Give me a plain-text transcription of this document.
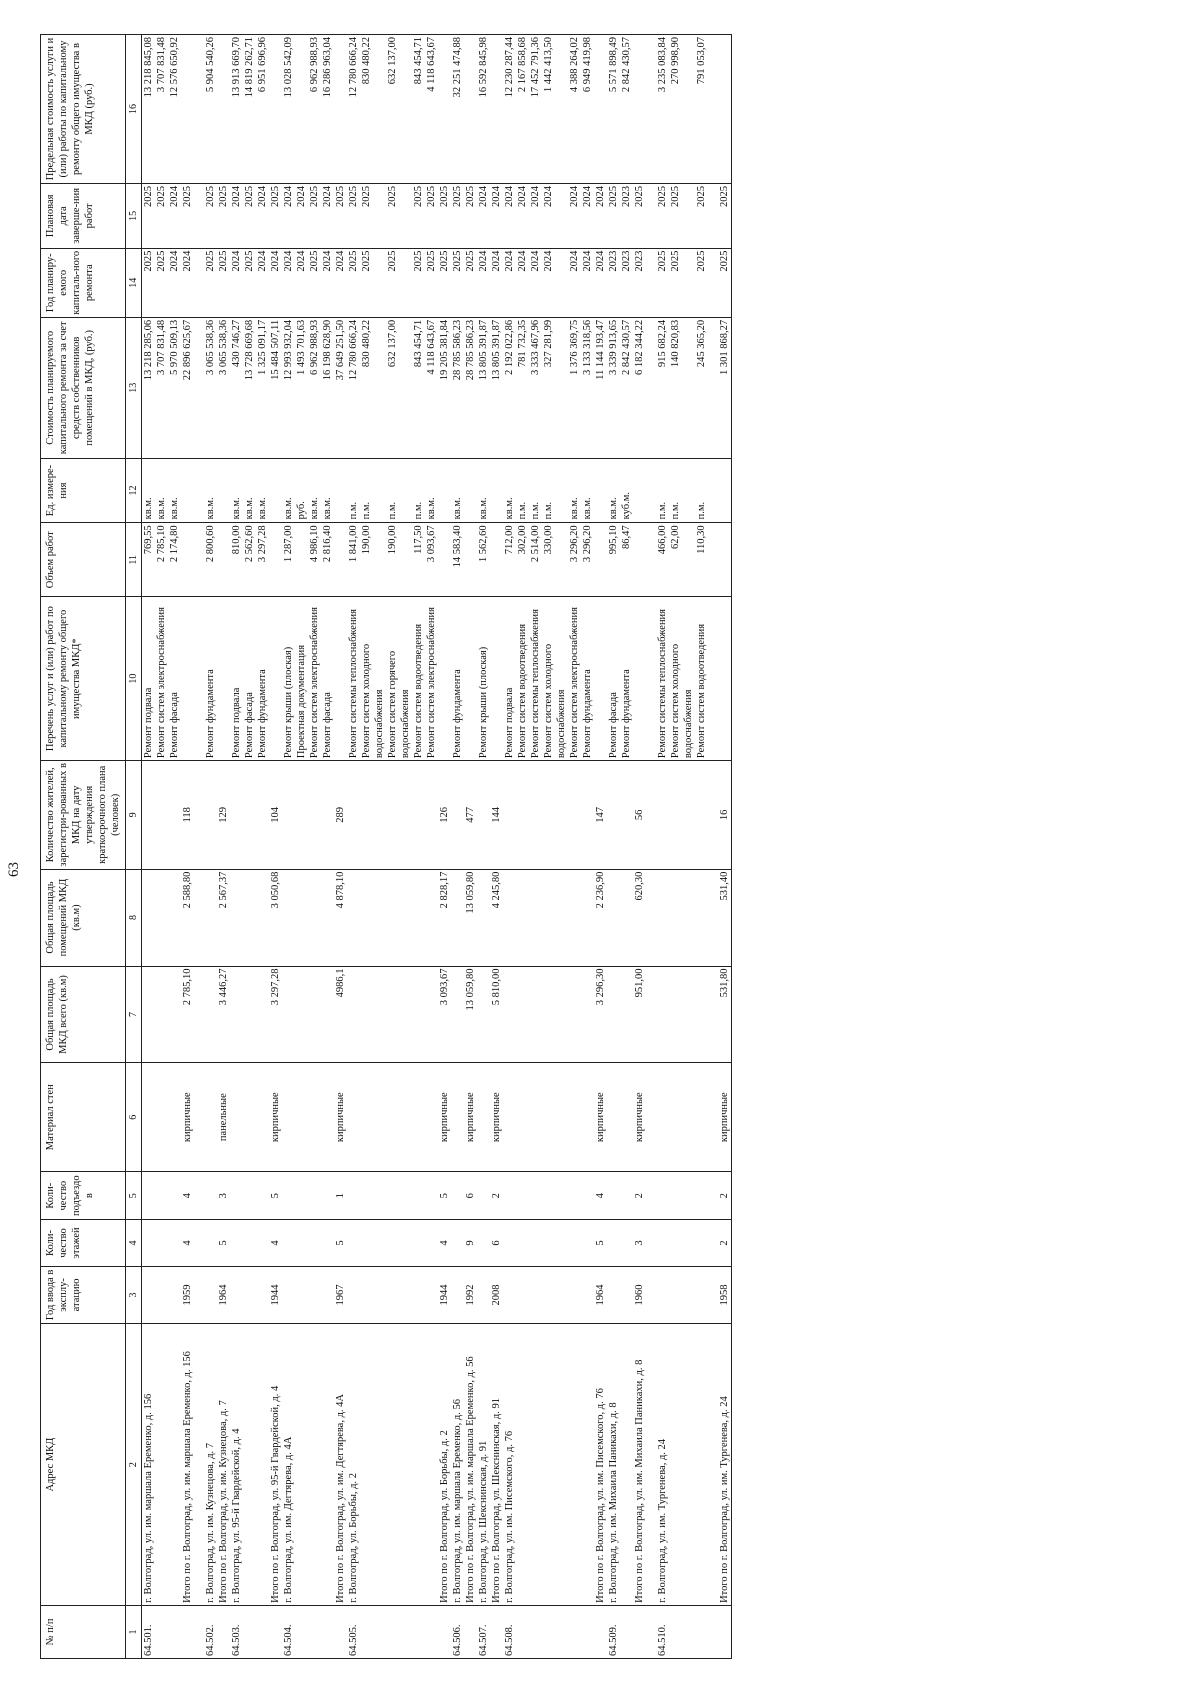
63
№ п/п	Адрес МКД	Год ввода в эксплу-атацию	Коли-чество этажей	Коли-чество подъездо в	Материал стен	Общая площадь МКД всего (кв.м)	Общая площадь помещений МКД (кв.м)	Количество жителей, зарегистри-рованных в МКД на дату утверждения краткосрочного плана (человек)	Перечень услуг и (или) работ по капитальному ремонту общего имущества МКД*	Объем работ	Ед. измере-ния	Стоимость планируемого капитального ремонта за счет средств собственников помещений в МКД, (руб.)	Год планиру-емого капиталь-ного ремонта	Плановая дата заверше-ния работ	Предельная стоимость услуги и (или) работы по капитальному ремонту общего имущества в МКД (руб.)
1	2	3	4	5	6	7	8	9	10	11	12	13	14	15	16
64.501.	г. Волгоград, ул. им. маршала Еременко, д. 156								Ремонт подвала	769,55	кв.м.	13 218 285,06	2025	2025	13 218 845,08
									Ремонт систем электроснабжения	2 785,10	кв.м.	3 707 831,48	2025	2025	3 707 831,48
									Ремонт фасада	2 174,80	кв.м.	5 970 509,13	2024	2024	12 576 650,92
	Итого по г. Волгоград, ул. им. маршала Еременко, д. 156	1959	4	4	кирпичные	2 785,10	2 588,80	118				22 896 625,67	2024	2025	

64.502.	г. Волгоград, ул. им. Кузнецова, д. 7								Ремонт фундамента	2 800,60	кв.м.	3 065 538,36	2025	2025	5 904 540,26
	Итого по г. Волгоград, ул. им. Кузнецова, д. 7	1964	5	3	панельные	3 446,27	2 567,37	129				3 065 538,36	2025	2025	
64.503.	г. Волгоград, ул. 95-й Гвардейской, д. 4								Ремонт подвала	810,00	кв.м.	430 746,27	2024	2024	13 913 669,70
									Ремонт фасада	2 562,60	кв.м.	13 728 669,68	2025	2025	14 819 262,71
									Ремонт фундамента	3 297,28	кв.м.	1 325 091,17	2024	2024	6 951 696,96
	Итого по г. Волгоград, ул. 95-й Гвардейской, д. 4	1944	4	5	кирпичные	3 297,28	3 050,68	104				15 484 507,11	2024	2025	
64.504.	г. Волгоград, ул. им. Дегтярева, д. 4А								Ремонт крыши (плоская)	1 287,00	кв.м.	12 993 932,04	2024	2024	13 028 542,09
									Проектная документация		руб.	1 493 701,63	2024	2024	
									Ремонт систем электроснабжения	4 986,10	кв.м.	6 962 988,93	2025	2025	6 962 988,93
									Ремонт фасада	2 816,40	кв.м.	16 198 628,90	2024	2024	16 286 963,04
	Итого по г. Волгоград, ул. им. Дегтярева, д. 4А	1967	5	1	кирпичные	4986,1	4 878,10	289				37 649 251,50	2024	2025	
64.505.	г. Волгоград, ул. Борьбы, д. 2								Ремонт системы теплоснабжения	1 841,00	п.м.	12 780 666,24	2025	2025	12 780 666,24
									Ремонт систем холодного водоснабжения	190,00	п.м.	830 480,22	2025	2025	830 480,22
									Ремонт систем горячего водоснабжения	190,00	п.м.	632 137,00	2025	2025	632 137,00
									Ремонт систем водоотведения	117,50	п.м.	843 454,71	2025	2025	843 454,71
									Ремонт систем электроснабжения	3 093,67	кв.м.	4 118 643,67	2025	2025	4 118 643,67
	Итого по г. Волгоград, ул. Борьбы, д. 2	1944	4	5	кирпичные	3 093,67	2 828,17	126				19 205 381,84	2025	2025	
64.506.	г. Волгоград, ул. им. маршала Еременко, д. 56								Ремонт фундамента	14 583,40	кв.м.	28 785 586,23	2025	2025	32 251 474,88
	Итого по г. Волгоград, ул. им. маршала Еременко, д. 56	1992	9	6	кирпичные	13 059,80	13 059,80	477				28 785 586,23	2025	2025	
64.507.	г. Волгоград, ул. Шекснинская, д. 91								Ремонт крыши (плоская)	1 562,60	кв.м.	13 805 391,87	2024	2024	16 592 845,98
	Итого по г. Волгоград, ул. Шекснинская, д. 91	2008	6	2	кирпичные	5 810,00	4 245,80	144				13 805 391,87	2024	2024	
64.508.	г. Волгоград, ул. им. Писемского, д. 76								Ремонт подвала	712,00	кв.м.	2 192 022,86	2024	2024	12 230 287,44
									Ремонт систем водоотведения	302,00	п.м.	781 732,35	2024	2024	2 167 858,68
									Ремонт системы теплоснабжения	2 514,00	п.м.	3 333 467,96	2024	2024	17 452 791,36
									Ремонт систем холодного водоснабжения	330,00	п.м.	327 281,99	2024	2024	1 442 413,50
									Ремонт систем электроснабжения	3 296,20	кв.м.	1 376 369,75	2024	2024	4 388 264,02
									Ремонт фундамента	3 296,20	кв.м.	3 133 318,56	2024	2024	6 949 419,98
	Итого по г. Волгоград, ул. им. Писемского, д. 76	1964	5	4	кирпичные	3 296,30	2 236,90	147				11 144 193,47	2024	2024	
64.509.	г. Волгоград, ул. им. Михаила Паникахи, д. 8								Ремонт фасада	995,10	кв.м.	3 339 913,65	2023	2025	5 571 898,49
									Ремонт фундамента	86,47	куб.м.	2 842 430,57	2023	2023	2 842 430,57
	Итого по г. Волгоград, ул. им. Михаила Паникахи, д. 8	1960	3	2	кирпичные	951,00	620,30	56				6 182 344,22	2023	2025	

64.510.	г. Волгоград, ул. им. Тургенева, д. 24								Ремонт системы теплоснабжения	466,00	п.м.	915 682,24	2025	2025	3 235 083,84
									Ремонт систем холодного водоснабжения	62,00	п.м.	140 820,83	2025	2025	270 998,90
									Ремонт систем водоотведения	110,30	п.м.	245 365,20	2025	2025	791 053,07

	Итого по г. Волгоград, ул. им. Тургенева, д. 24	1958	2	2	кирпичные	531,80	531,40	16				1 301 868,27	2025	2025	
